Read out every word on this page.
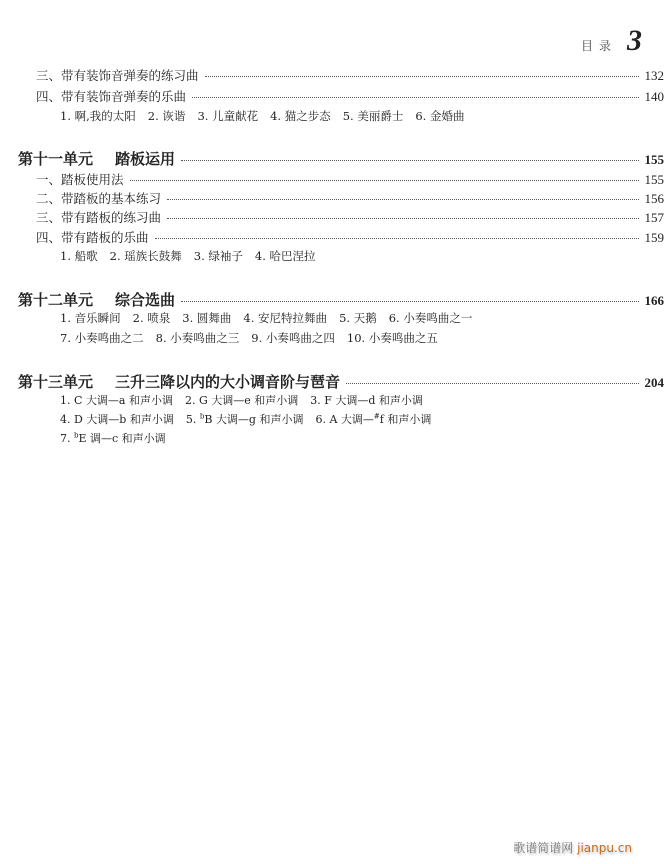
目录 3
三、带有装饰音弹奏的练习曲	132
四、带有装饰音弹奏的乐曲	140
1. 啊,我的太阳 2. 诙谐 3. 儿童献花 4. 猫之步态 5. 美丽爵士 6. 金婚曲
第十一单元 踏板运用	155
一、踏板使用法	155
二、带踏板的基本练习	156
三、带有踏板的练习曲	157
四、带有踏板的乐曲	159
1. 船歌 2. 瑶族长鼓舞 3. 绿袖子 4. 哈巴涅拉
第十二单元 综合选曲	166
1. 音乐瞬间 2. 喷泉 3. 圆舞曲 4. 安尼特拉舞曲 5. 天鹅 6. 小奏鸣曲之一
7. 小奏鸣曲之二 8. 小奏鸣曲之三 9. 小奏鸣曲之四 10. 小奏鸣曲之五
第十三单元 三升三降以内的大小调音阶与琶音	204
1. C 大调—a 和声小调 2. G 大调—e 和声小调 3. F 大调—d 和声小调
4. D 大调—b 和声小调 5. $^b$B 大调—g 和声小调 6. A 大调—#f 和声小调
7. $^b$E 调—c 和声小调
歌谱简谱网 jianpu.cn
